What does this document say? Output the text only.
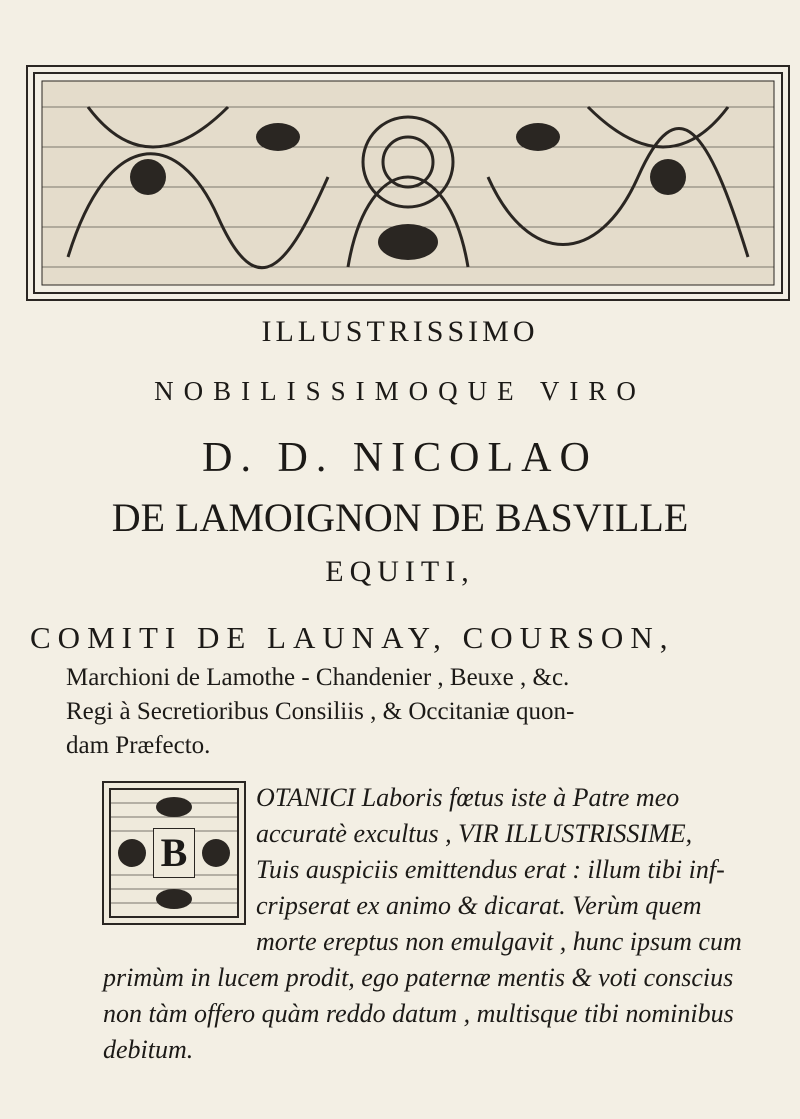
ILLUSTRISSIMO
NOBILISSIMOQUE VIRO
D. D. NICOLAO
DE LAMOIGNON DE BASVILLE
EQUITI,
COMITI DE LAUNAY, COURSON,
Marchioni de Lamothe - Chandenier , Beuxe , &c.
Regi à Secretioribus Consiliis , & Occitaniæ quon-
dam Præfecto.
B
OTANICI Laboris fœtus iste à Patre meo
accuratè excultus , VIR ILLUSTRISSIME,
Tuis auspiciis emittendus erat : illum tibi inf-
cripserat ex animo & dicarat. Verùm quem
morte ereptus non emulgavit , hunc ipsum cum
primùm in lucem prodit, ego paternæ mentis & voti conscius
non tàm offero quàm reddo datum , multisque tibi nominibus
debitum.
